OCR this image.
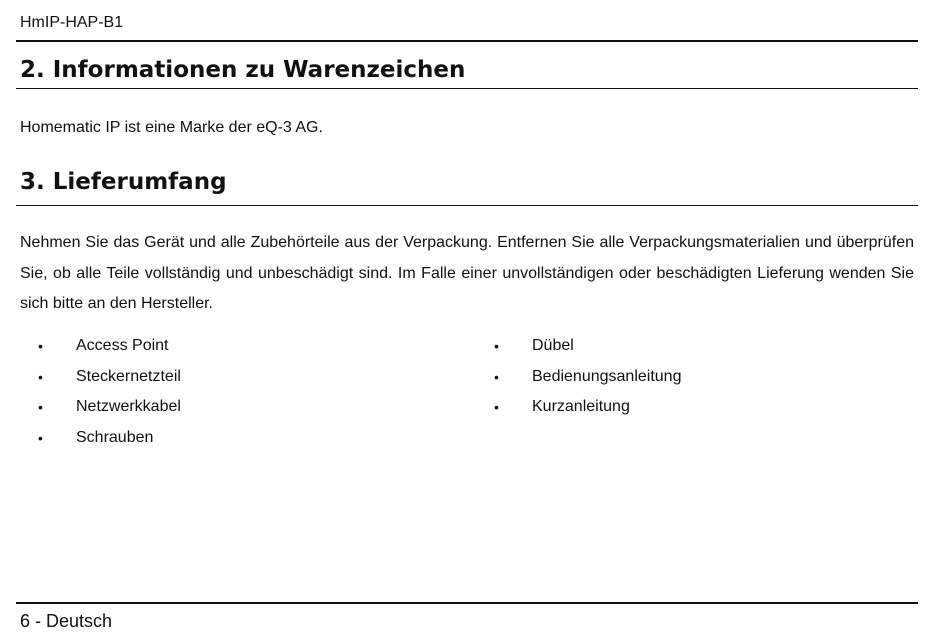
HmIP-HAP-B1
2. Informationen zu Warenzeichen

Homematic IP ist eine Marke der eQ-3 AG.

3. Lieferumfang

Nehmen Sie das Gerät und alle Zubehörteile aus der Verpackung. Entfernen Sie alle Verpackungsmaterialien und überprüfen Sie, ob alle Teile vollständig und unbeschädigt sind. Im Falle einer unvollständigen oder beschädigten Lieferung wenden Sie sich bitte an den Hersteller.

•	Access Point
•	Steckernetzteil
•	Netzwerkkabel
•	Schrauben
•	Dübel
•	Bedienungsanleitung
•	Kurzanleitung
6 - Deutsch
